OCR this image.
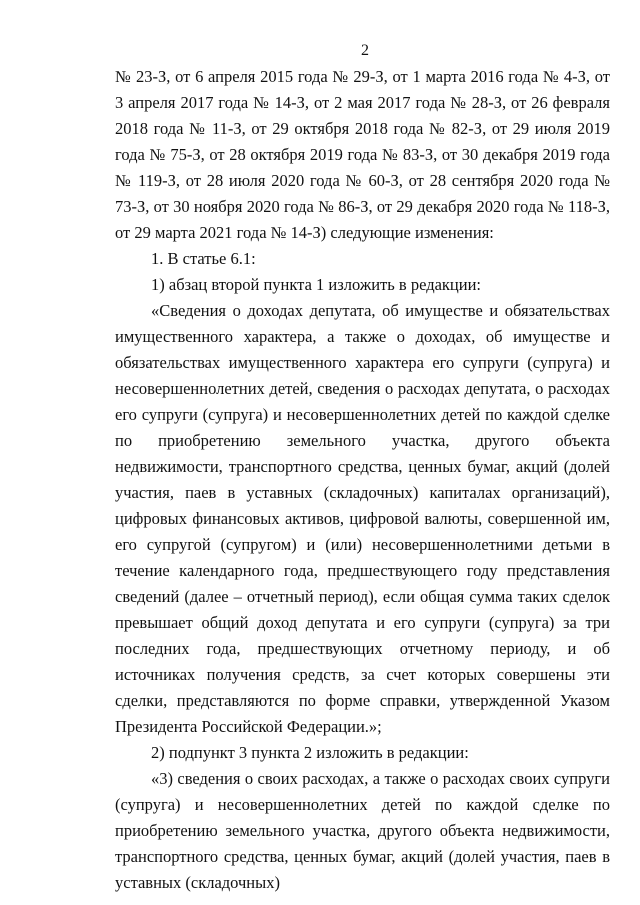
2

№ 23-З, от 6 апреля 2015 года № 29-З, от 1 марта 2016 года № 4-З, от 3 апреля 2017 года № 14-З, от 2 мая 2017 года № 28-З, от 26 февраля 2018 года № 11-З, от 29 октября 2018 года № 82-З, от 29 июля 2019 года № 75-З, от 28 октября 2019 года № 83-З, от 30 декабря 2019 года № 119-З, от 28 июля 2020 года № 60-З, от 28 сентября 2020 года № 73-З, от 30 ноября 2020 года № 86-З, от 29 декабря 2020 года № 118-З, от 29 марта 2021 года № 14-З) следующие изменения:

1. В статье 6.1:

1) абзац второй пункта 1 изложить в редакции:

«Сведения о доходах депутата, об имуществе и обязательствах имущественного характера, а также о доходах, об имуществе и обязательствах имущественного характера его супруги (супруга) и несовершеннолетних детей, сведения о расходах депутата, о расходах его супруги (супруга) и несовершеннолетних детей по каждой сделке по приобретению земельного участка, другого объекта недвижимости, транспортного средства, ценных бумаг, акций (долей участия, паев в уставных (складочных) капиталах организаций), цифровых финансовых активов, цифровой валюты, совершенной им, его супругой (супругом) и (или) несовершеннолетними детьми в течение календарного года, предшествующего году представления сведений (далее – отчетный период), если общая сумма таких сделок превышает общий доход депутата и его супруги (супруга) за три последних года, предшествующих отчетному периоду, и об источниках получения средств, за счет которых совершены эти сделки, представляются по форме справки, утвержденной Указом Президента Российской Федерации.»;

2) подпункт 3 пункта 2 изложить в редакции:

«3) сведения о своих расходах, а также о расходах своих супруги (супруга) и несовершеннолетних детей по каждой сделке по приобретению земельного участка, другого объекта недвижимости, транспортного средства, ценных бумаг, акций (долей участия, паев в уставных (складочных)
